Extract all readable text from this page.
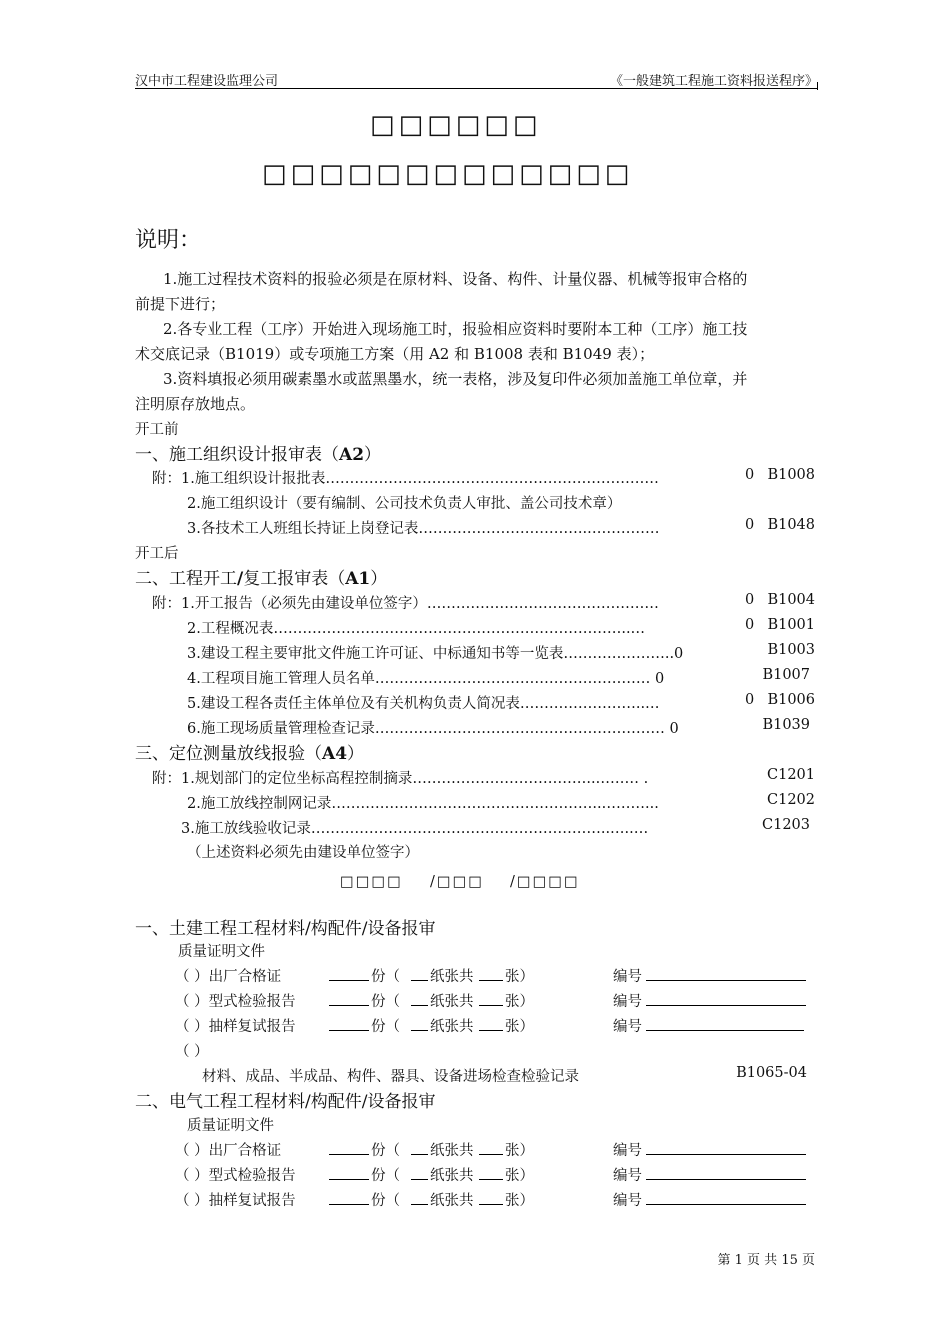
汉中市工程建设监理公司	《一般建筑工程施工资料报送程序》
□□□□□□
□□□□□□□□□□□□□
说明：
1.施工过程技术资料的报验必须是在原材料、设备、构件、计量仪器、机械等报审合格的
前提下进行；
2.各专业工程（工序）开始进入现场施工时，报验相应资料时要附本工种（工序）施工技
术交底记录（B1019）或专项施工方案（用 A2 和 B1008 表和 B1049 表）；
3.资料填报必须用碳素墨水或蓝黑墨水，统一表格，涉及复印件必须加盖施工单位章，并
注明原存放地点。
开工前
一、施工组织设计报审表（A2）
附：1.施工组织设计报批表……………………………………………………………	0 B1008
2.施工组织设计（要有编制、公司技术负责人审批、盖公司技术章）
3.各技术工人班组长持证上岗登记表……………………………..……………	0 B1048
开工后
二、工程开工/复工报审表（A1）
附：1.开工报告（必须先由建设单位签字）…………………………………………	0 B1004
2.工程概况表………………………………………………………………..…	0 B1001
3.建设工程主要审批文件施工许可证、中标通知书等一览表…………………..0	B1003
4.工程项目施工管理人员名单………………………………………………… 0	B1007
5.建设工程各责任主体单位及有关机构负责人简况表……………………..…	0 B1006
6.施工现场质量管理检查记录…………………………………………………… 0	B1039
三、定位测量放线报验（A4）
附：1.规划部门的定位坐标高程控制摘录………………………………..……… .	C1201
2.施工放线控制网记录………………………………………………..………...	C1202
3.施工放线验收记录……………………………………………………..…..…	C1203
（上述资料必须先由建设单位签字）
□□□□ /□□□ /□□□□
一、土建工程工程材料/构配件/设备报审
质量证明文件
（ ）出厂合格证	份（ 纸张共 张）	编号
（ ）型式检验报告	份（ 纸张共 张）	编号
（ ）抽样复试报告	份（ 纸张共 张）	编号
（ ）
材料、成品、半成品、构件、器具、设备进场检查检验记录	B1065-04
二、电气工程工程材料/构配件/设备报审
质量证明文件
（ ）出厂合格证	份（ 纸张共 张）	编号
（ ）型式检验报告	份（ 纸张共 张）	编号
（ ）抽样复试报告	份（ 纸张共 张）	编号
第 1 页 共 15 页
